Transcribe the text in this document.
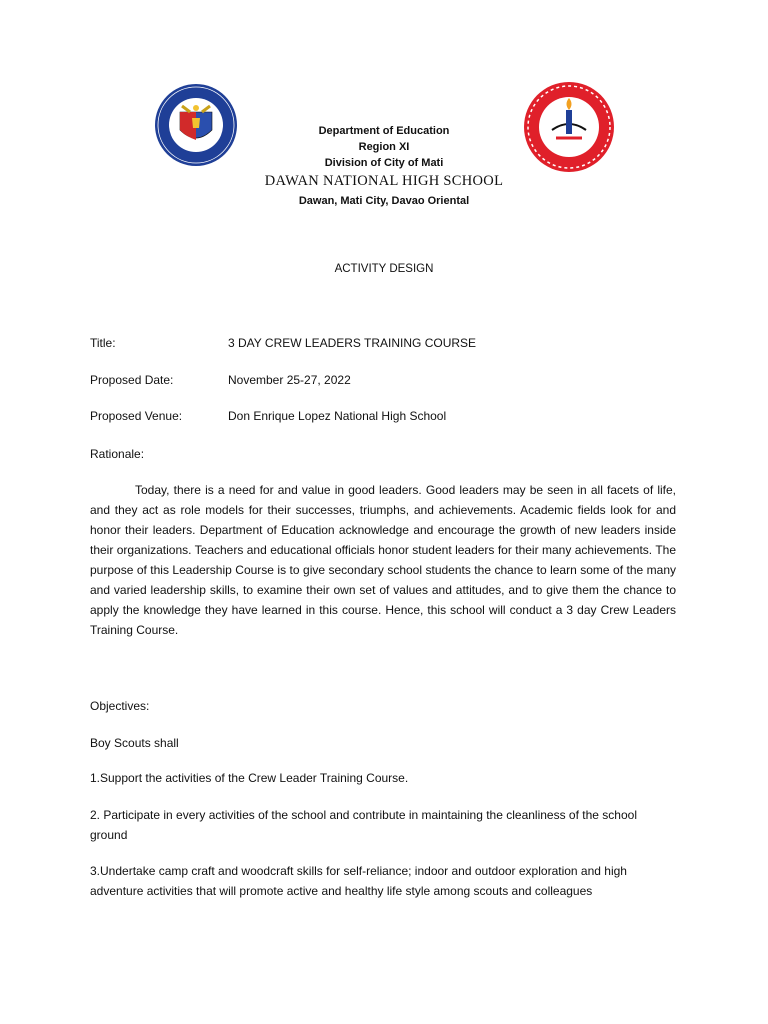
Department of Education
Region XI
Division of City of Mati
DAWAN NATIONAL HIGH SCHOOL
Dawan, Mati City, Davao Oriental
ACTIVITY DESIGN
Title:	3 DAY CREW LEADERS TRAINING COURSE
Proposed Date:	November 25-27, 2022
Proposed Venue:	Don Enrique Lopez National High School
Rationale:
Today, there is a need for and value in good leaders. Good leaders may be seen in all facets of life, and they act as role models for their successes, triumphs, and achievements. Academic fields look for and honor their leaders. Department of Education acknowledge and encourage the growth of new leaders inside their organizations. Teachers and educational officials honor student leaders for their many achievements. The purpose of this Leadership Course is to give secondary school students the chance to learn some of the many and varied leadership skills, to examine their own set of values and attitudes, and to give them the chance to apply the knowledge they have learned in this course. Hence, this school will conduct a 3 day Crew Leaders Training Course.
Objectives:
Boy Scouts shall
1.Support the activities of the Crew Leader Training Course.
2. Participate in every activities of the school and contribute in maintaining the cleanliness of the school ground
3.Undertake camp craft and woodcraft skills for self-reliance; indoor and outdoor exploration and high adventure activities that will promote active and healthy life style among scouts and colleagues
